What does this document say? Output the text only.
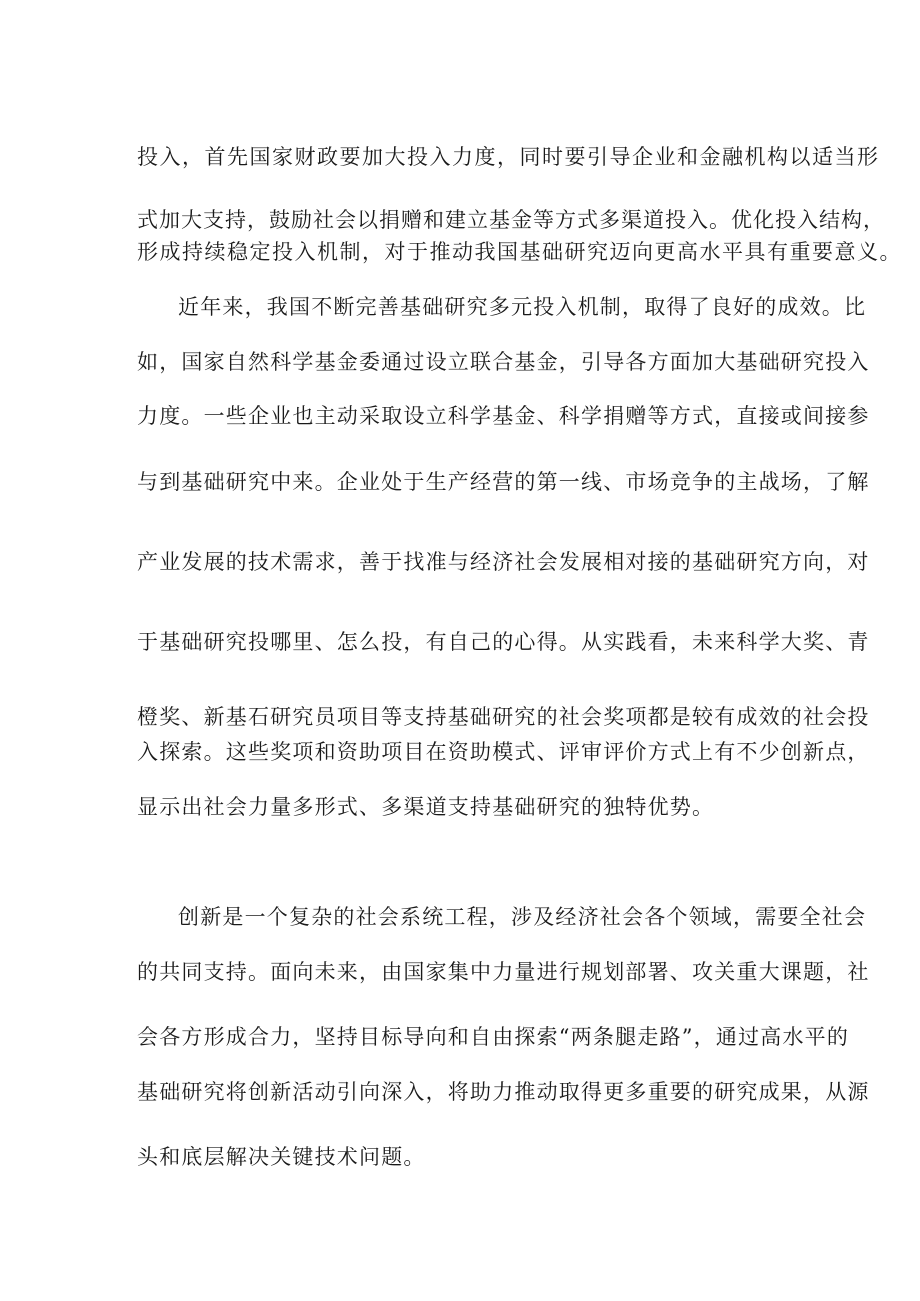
投入，首先国家财政要加大投入力度，同时要引导企业和金融机构以适当形
式加大支持，鼓励社会以捐赠和建立基金等方式多渠道投入。优化投入结构，
形成持续稳定投入机制，对于推动我国基础研究迈向更高水平具有重要意义。
近年来，我国不断完善基础研究多元投入机制，取得了良好的成效。比
如，国家自然科学基金委通过设立联合基金，引导各方面加大基础研究投入
力度。一些企业也主动采取设立科学基金、科学捐赠等方式，直接或间接参
与到基础研究中来。企业处于生产经营的第一线、市场竞争的主战场，了解
产业发展的技术需求，善于找准与经济社会发展相对接的基础研究方向，对
于基础研究投哪里、怎么投，有自己的心得。从实践看，未来科学大奖、青
橙奖、新基石研究员项目等支持基础研究的社会奖项都是较有成效的社会投
入探索。这些奖项和资助项目在资助模式、评审评价方式上有不少创新点，
显示出社会力量多形式、多渠道支持基础研究的独特优势。
创新是一个复杂的社会系统工程，涉及经济社会各个领域，需要全社会
的共同支持。面向未来，由国家集中力量进行规划部署、攻关重大课题，社
会各方形成合力，坚持目标导向和自由探索“两条腿走路”，通过高水平的
基础研究将创新活动引向深入，将助力推动取得更多重要的研究成果，从源
头和底层解决关键技术问题。
